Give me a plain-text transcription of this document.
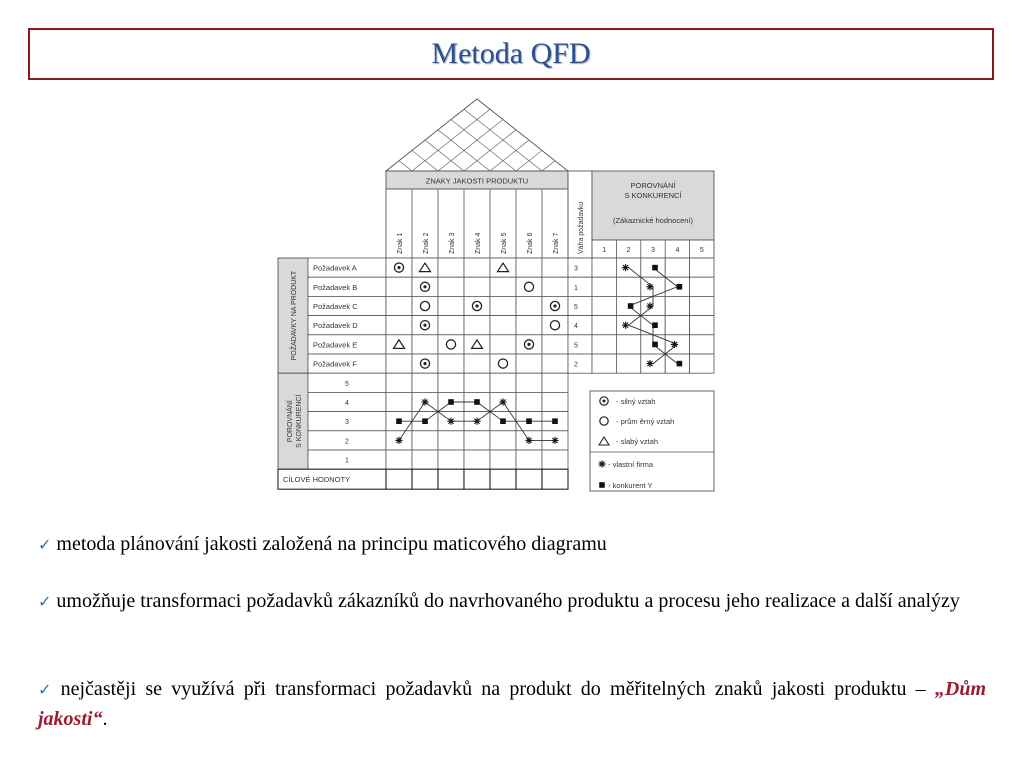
Metoda QFD
ZNAKY JAKOSTI PRODUKTU
Znak 1	Znak 2	Znak 3	Znak 4	Znak 5	Znak 6	Znak 7	Váha požadavku
POROVNÁNÍ
S KONKURENCÍ
(Zákaznické hodnocení)
1	2	3	4	5
POŽADAVKY NA PRODUKT
Požadavek A	3
Požadavek B	1
Požadavek C	5
Požadavek D	4
Požadavek E	5
Požadavek F	2
POROVNÁNÍ S KONKURENCÍ
5
4
3
2
1
CÍLOVÉ HODNOTY
- silný vztah
- prům ěrný vztah
- slabý vztah
- vlastní firma
- konkurent Y
✓ metoda plánování jakosti založená na principu maticového diagramu
✓ umožňuje transformaci požadavků zákazníků do navrhovaného produktu a procesu jeho realizace a další analýzy
✓ nejčastěji se využívá při transformaci požadavků na produkt do měřitelných znaků jakosti produktu – „Dům jakosti“.
